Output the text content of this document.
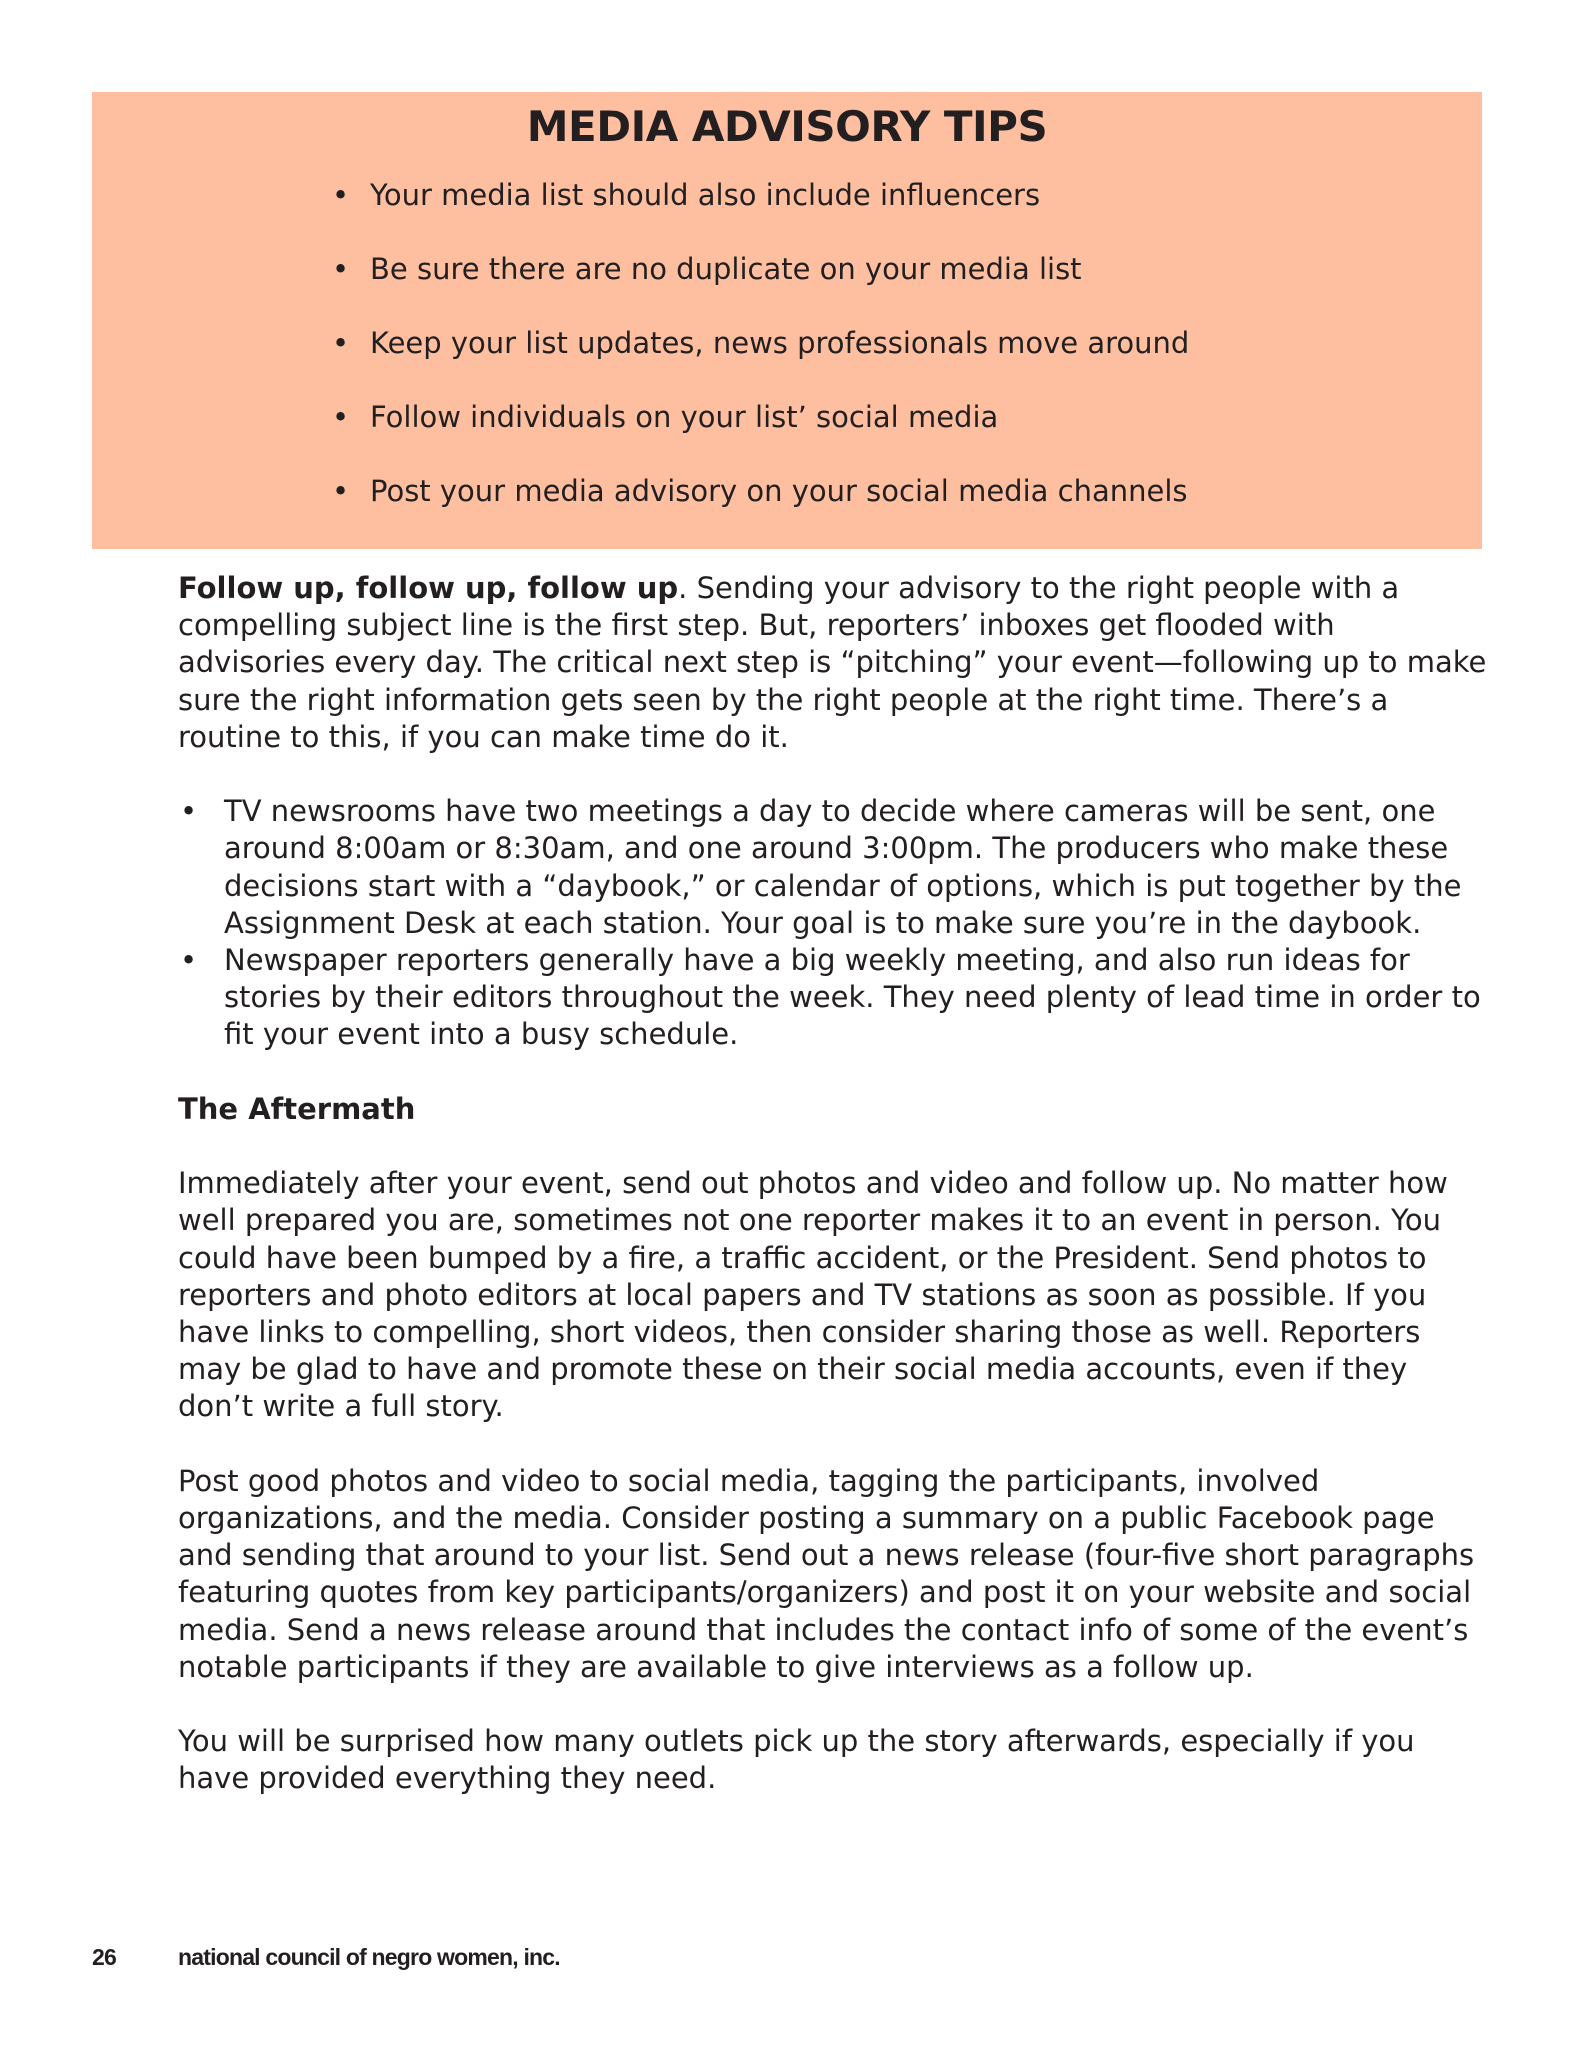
MEDIA ADVISORY TIPS
• Your media list should also include influencers
• Be sure there are no duplicate on your media list
• Keep your list updates, news professionals move around
• Follow individuals on your list’ social media
• Post your media advisory on your social media channels

Follow up, follow up, follow up. Sending your advisory to the right people with a compelling subject line is the first step. But, reporters’ inboxes get flooded with advisories every day. The critical next step is “pitching” your event—following up to make sure the right information gets seen by the right people at the right time. There’s a routine to this, if you can make time do it.

• TV newsrooms have two meetings a day to decide where cameras will be sent, one around 8:00am or 8:30am, and one around 3:00pm. The producers who make these decisions start with a “daybook,” or calendar of options, which is put together by the Assignment Desk at each station. Your goal is to make sure you’re in the daybook.
• Newspaper reporters generally have a big weekly meeting, and also run ideas for stories by their editors throughout the week. They need plenty of lead time in order to fit your event into a busy schedule.
The Aftermath

Immediately after your event, send out photos and video and follow up. No matter how well prepared you are, sometimes not one reporter makes it to an event in person. You could have been bumped by a fire, a traffic accident, or the President. Send photos to reporters and photo editors at local papers and TV stations as soon as possible. If you have links to compelling, short videos, then consider sharing those as well. Reporters may be glad to have and promote these on their social media accounts, even if they don’t write a full story.

Post good photos and video to social media, tagging the participants, involved organizations, and the media. Consider posting a summary on a public Facebook page and sending that around to your list. Send out a news release (four-five short paragraphs featuring quotes from key participants/organizers) and post it on your website and social media. Send a news release around that includes the contact info of some of the event’s notable participants if they are available to give interviews as a follow up.

You will be surprised how many outlets pick up the story afterwards, especially if you have provided everything they need.

26	national council of negro women, inc.
